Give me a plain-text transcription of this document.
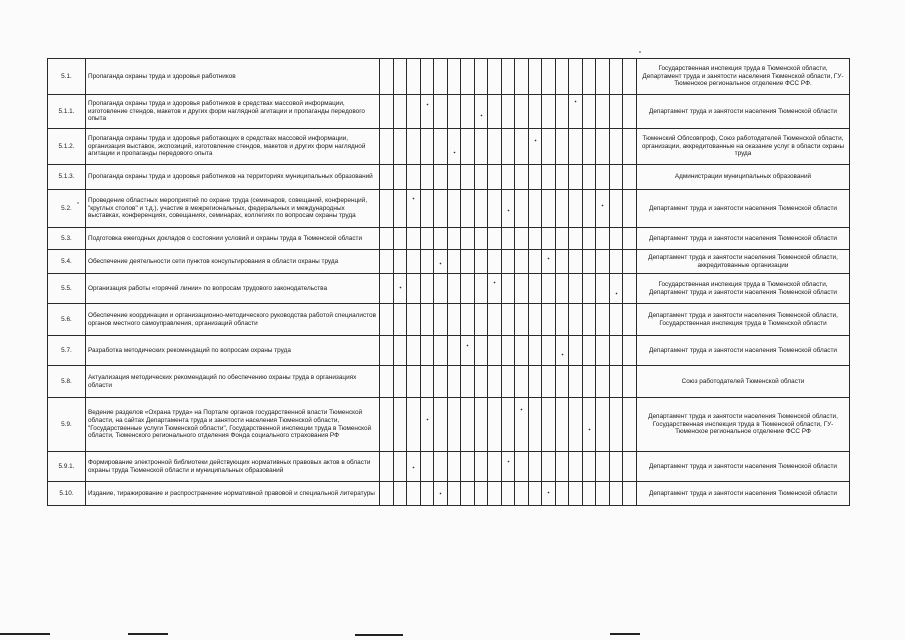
5.1.	Пропаганда охраны труда и здоровья работников																				Государственная инспекция труда в Тюменской области, Департамент труда и занятости населения Тюменской области, ГУ- Тюменское региональное отделение ФСС РФ.
5.1.1.	Пропаганда охраны труда и здоровья работников в средствах массовой информации, изготовление стендов, макетов и других форм наглядной агитации и пропаганды передового опыта																				Департамент труда и занятости населения Тюменской области
5.1.2.	Пропаганда охраны труда и здоровья работающих в средствах массовой информации, организация выставок, экспозиций, изготовление стендов, макетов и других форм наглядной агитации и пропаганды передового опыта																				Тюменский Облсовпроф, Союз работодателей Тюменской области, организации, аккредитованные на оказание услуг в области охраны труда
5.1.3.	Пропаганда охраны труда и здоровья работников на территориях муниципальных образований																				Администрации муниципальных образований
5.2.	Проведение областных мероприятий по охране труда (семинаров, совещаний, конференций, "круглых столов" и т.д.), участие в межрегиональных, федеральных и международных выставках, конференциях, совещаниях, семинарах, коллегиях по вопросам охраны труда																				Департамент труда и занятости населения Тюменской области
5.3.	Подготовка ежегодных докладов о состоянии условий и охраны труда в Тюменской области																				Департамент труда и занятости населения Тюменской области
5.4.	Обеспечение деятельности сети пунктов консультирования в области охраны труда																				Департамент труда и занятости населения Тюменской области, аккредитованные организации
5.5.	Организация работы «горячей линии» по вопросам трудового законодательства																				Государственная инспекция труда в Тюменской области, Департамент труда и занятости населения Тюменской области
5.6.	Обеспечение координации и организационно-методического руководства работой специалистов органов местного самоуправления, организаций области																				Департамент труда и занятости населения Тюменской области, Государственная инспекция труда в Тюменской области
5.7.	Разработка методических рекомендаций по вопросам охраны труда																				Департамент труда и занятости населения Тюменской области
5.8.	Актуализация методических рекомендаций по обеспечению охраны труда в организациях области																				Союз работодателей Тюменской области
5.9.	Ведение разделов «Охрана труда» на Портале органов государственной власти Тюменской области, на сайтах Департамента труда и занятости населения Тюменской области, "Государственные услуги Тюменской области", Государственной инспекции труда в Тюменской области, Тюменского регионального отделения Фонда социального страхования РФ																				Департамент труда и занятости населения Тюменской области, Государственная инспекция труда в Тюменской области, ГУ-Тюменское региональное отделение ФСС РФ
5.9.1.	Формирование электронной библиотеки действующих нормативных правовых актов в области охраны труда Тюменской области и муниципальных образований																				Департамент труда и занятости населения Тюменской области
5.10.	Издание, тиражирование и распространение нормативной правовой и специальной литературы																				Департамент труда и занятости населения Тюменской области
